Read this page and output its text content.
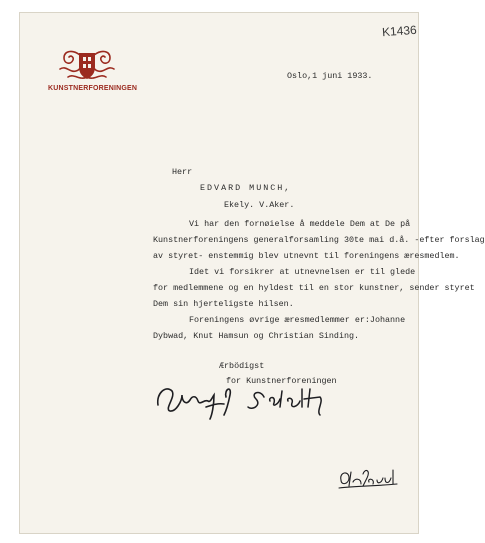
K1436
KUNSTNERFORENINGEN
Oslo,1 juni 1933.
Herr
EDVARD MUNCH,
Ekely. V.Aker.
Vi har den fornøielse å meddele Dem at De på
Kunstnerforeningens generalforsamling 30te mai d.å. -efter forslag
av styret- enstemmig blev utnevnt til foreningens æresmedlem.
Idet vi forsikrer at utnevnelsen er til glede
for medlemmene og en hyldest til en stor kunstner, sender styret
Dem sin hjerteligste hilsen.
Foreningens øvrige æresmedlemmer er:Johanne
Dybwad, Knut Hamsun og Christian Sinding.
Ærbödigst
for Kunstnerforeningen
